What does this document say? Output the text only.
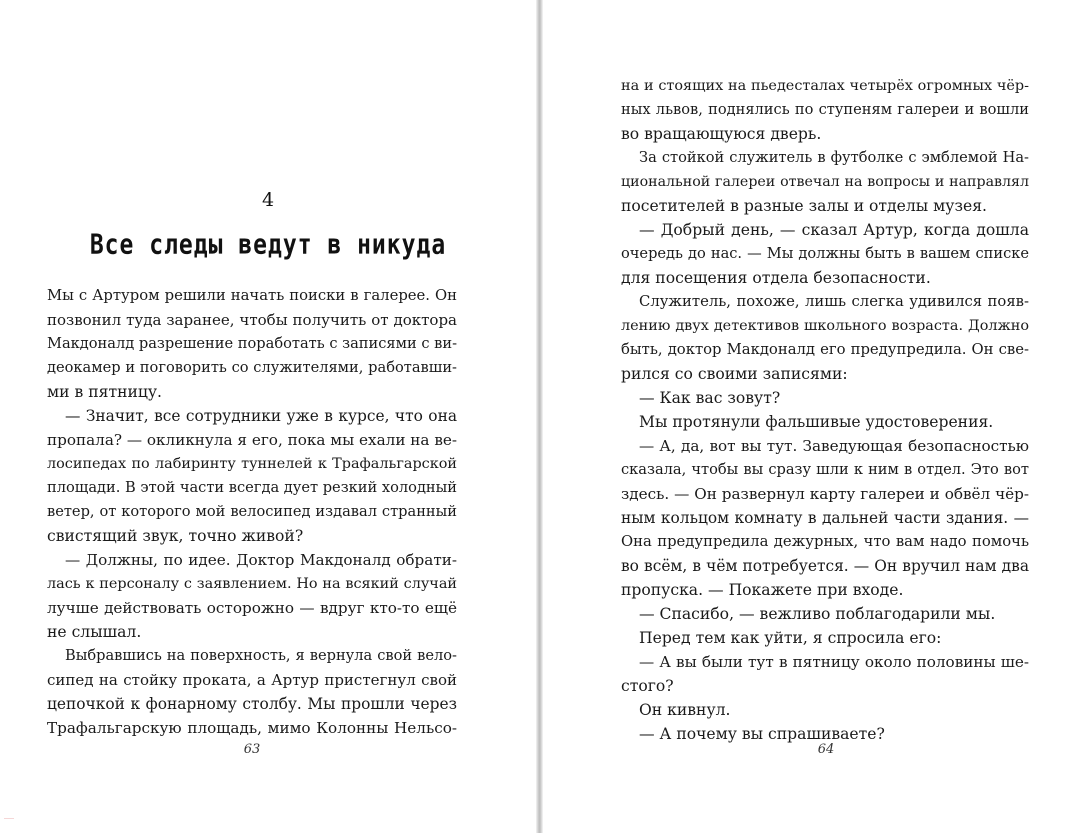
4
Все следы ведут в никуда
Мы с Артуром решили начать поиски в галерее. Он
позвонил туда заранее, чтобы получить от доктора
Макдоналд разрешение поработать с записями с ви-
деокамер и поговорить со служителями, работавши-
ми в пятницу.
— Значит, все сотрудники уже в курсе, что она
пропала? — окликнула я его, пока мы ехали на ве-
лосипедах по лабиринту туннелей к Трафальгарской
площади. В этой части всегда дует резкий холодный
ветер, от которого мой велосипед издавал странный
свистящий звук, точно живой?
— Должны, по идее. Доктор Макдоналд обрати-
лась к персоналу с заявлением. Но на всякий случай
лучше действовать осторожно — вдруг кто-то ещё
не слышал.
Выбравшись на поверхность, я вернула свой вело-
сипед на стойку проката, а Артур пристегнул свой
цепочкой к фонарному столбу. Мы прошли через
Трафальгарскую площадь, мимо Колонны Нельсо-
63
на и стоящих на пьедесталах четырёх огромных чёр-
ных львов, поднялись по ступеням галереи и вошли
во вращающуюся дверь.
За стойкой служитель в футболке с эмблемой На-
циональной галереи отвечал на вопросы и направлял
посетителей в разные залы и отделы музея.
— Добрый день, — сказал Артур, когда дошла
очередь до нас. — Мы должны быть в вашем списке
для посещения отдела безопасности.
Служитель, похоже, лишь слегка удивился появ-
лению двух детективов школьного возраста. Должно
быть, доктор Макдоналд его предупредила. Он све-
рился со своими записями:
— Как вас зовут?
Мы протянули фальшивые удостоверения.
— А, да, вот вы тут. Заведующая безопасностью
сказала, чтобы вы сразу шли к ним в отдел. Это вот
здесь. — Он развернул карту галереи и обвёл чёр-
ным кольцом комнату в дальней части здания. —
Она предупредила дежурных, что вам надо помочь
во всём, в чём потребуется. — Он вручил нам два
пропуска. — Покажете при входе.
— Спасибо, — вежливо поблагодарили мы.
Перед тем как уйти, я спросила его:
— А вы были тут в пятницу около половины ше-
стого?
Он кивнул.
— А почему вы спрашиваете?
64
